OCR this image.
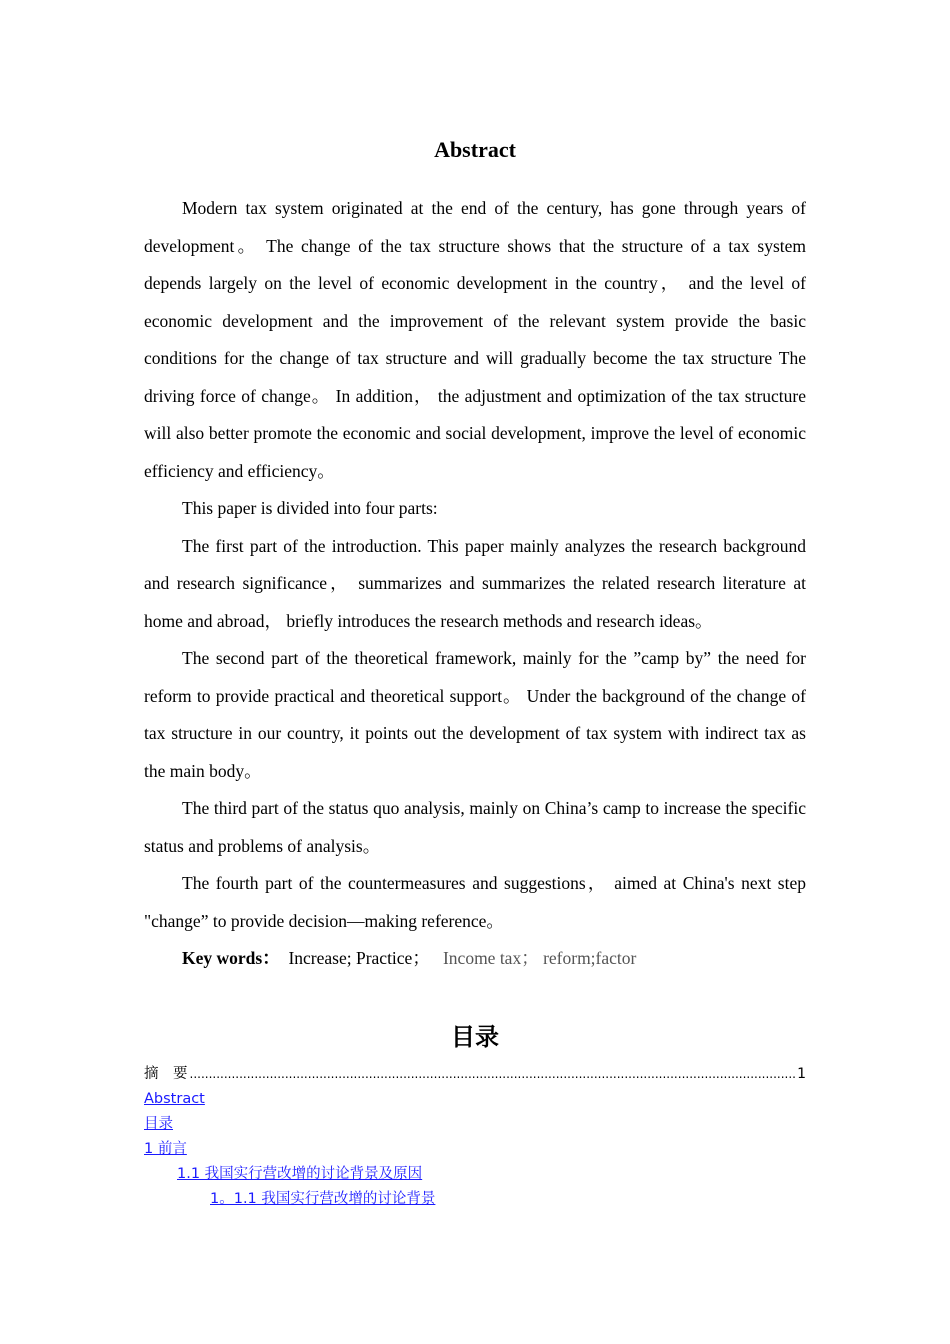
Abstract

Modern tax system originated at the end of the century, has gone through years of development。 The change of the tax structure shows that the structure of a tax system depends largely on the level of economic development in the country， and the level of economic development and the improvement of the relevant system provide the basic conditions for the change of tax structure and will gradually become the tax structure The driving force of change。 In addition， the adjustment and optimization of the tax structure will also better promote the economic and social development, improve the level of economic efficiency and efficiency。

This paper is divided into four parts:

The first part of the introduction. This paper mainly analyzes the research background and research significance， summarizes and summarizes the related research literature at home and abroad， briefly introduces the research methods and research ideas。

The second part of the theoretical framework, mainly for the ”camp by” the need for reform to provide practical and theoretical support。 Under the background of the change of tax structure in our country, it points out the development of tax system with indirect tax as the main body。

The third part of the status quo analysis, mainly on China’s camp to increase the specific status and problems of analysis。

The fourth part of the countermeasures and suggestions， aimed at China's next step "change” to provide decision—making reference。

Key words： Increase; Practice； Income tax； reform;factor

目录
摘　要
.....	1
Abstract
目录
1 前言
1.1 我国实行营改增的讨论背景及原因
1。1.1 我国实行营改增的讨论背景
